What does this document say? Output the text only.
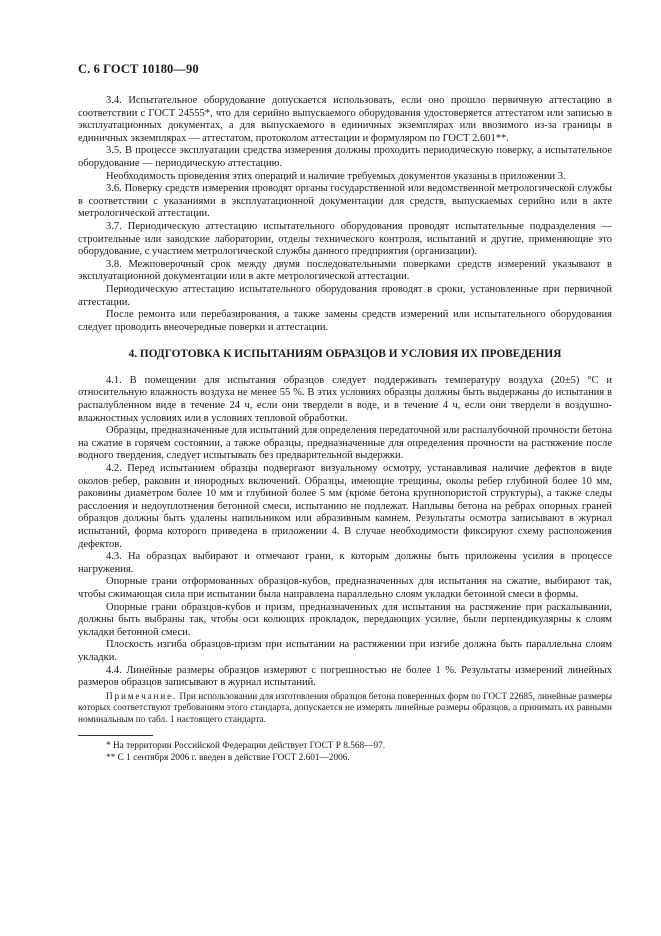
С. 6 ГОСТ 10180—90

3.4. Испытательное оборудование допускается использовать, если оно прошло первичную аттестацию в соответствии с ГОСТ 24555*, что для серийно выпускаемого оборудования удостоверяется аттестатом или записью в эксплуатационных документах, а для выпускаемого в единичных экземплярах или ввозимого из-за границы в единичных экземплярах — аттестатом, протоколом аттестации и формуляром по ГОСТ 2.601**.

3.5. В процессе эксплуатации средства измерения должны проходить периодическую поверку, а испытательное оборудование — периодическую аттестацию.

Необходимость проведения этих операций и наличие требуемых документов указаны в приложении 3.

3.6. Поверку средств измерения проводят органы государственной или ведомственной метрологической службы в соответствии с указаниями в эксплуатационной документации для средств, выпускаемых серийно или в акте метрологической аттестации.

3.7. Периодическую аттестацию испытательного оборудования проводят испытательные подразделения — строительные или заводские лаборатории, отделы технического контроля, испытаний и другие, применяющие это оборудование, с участием метрологической службы данного предприятия (организации).

3.8. Межповерочный срок между двумя последовательными поверками средств измерений указывают в эксплуатационной документации или в акте метрологической аттестации.

Периодическую аттестацию испытательного оборудования проводят в сроки, установленные при первичной аттестации.

После ремонта или перебазирования, а также замены средств измерений или испытательного оборудования следует проводить внеочередные поверки и аттестации.

4. ПОДГОТОВКА К ИСПЫТАНИЯМ ОБРАЗЦОВ И УСЛОВИЯ ИХ ПРОВЕДЕНИЯ

4.1. В помещении для испытания образцов следует поддерживать температуру воздуха (20±5) °С и относительную влажность воздуха не менее 55 %. В этих условиях образцы должны быть выдержаны до испытания в распалубленном виде в течение 24 ч, если они твердели в воде, и в течение 4 ч, если они твердели в воздушно-влажностных условиях или в условиях тепловой обработки.

Образцы, предназначенные для испытаний для определения передаточной или распалубочной прочности бетона на сжатие в горячем состоянии, а также образцы, предназначенные для определения прочности на растяжение после водного твердения, следует испытывать без предварительной выдержки.

4.2. Перед испытанием образцы подвергают визуальному осмотру, устанавливая наличие дефектов в виде околов ребер, раковин и инородных включений. Образцы, имеющие трещины, околы ребер глубиной более 10 мм, раковины диаметром более 10 мм и глубиной более 5 мм (кроме бетона крупнопористой структуры), а также следы расслоения и недоуплотнения бетонной смеси, испытанию не подлежат. Наплывы бетона на ребрах опорных граней образцов должны быть удалены напильником или абразивным камнем. Результаты осмотра записывают в журнал испытаний, форма которого приведена в приложении 4. В случае необходимости фиксируют схему расположения дефектов.

4.3. На образцах выбирают и отмечают грани, к которым должны быть приложены усилия в процессе нагружения.

Опорные грани отформованных образцов-кубов, предназначенных для испытания на сжатие, выбирают так, чтобы сжимающая сила при испытании была направлена параллельно слоям укладки бетонной смеси в формы.

Опорные грани образцов-кубов и призм, предназначенных для испытания на растяжение при раскалывании, должны быть выбраны так, чтобы оси колющих прокладок, передающих усилие, были перпендикулярны к слоям укладки бетонной смеси.

Плоскость изгиба образцов-призм при испытании на растяжении при изгибе должна быть параллельна слоям укладки.

4.4. Линейные размеры образцов измеряют с погрешностью не более 1 %. Результаты измерений линейных размеров образцов записывают в журнал испытаний.

Примечание. При использовании для изготовления образцов бетона поверенных форм по ГОСТ 22685, линейные размеры которых соответствуют требованиям этого стандарта, допускается не измерять линейные размеры образцов, а принимать их равными номинальным по табл. 1 настоящего стандарта.

* На территории Российской Федерации действует ГОСТ Р 8.568—97.

** С 1 сентября 2006 г. введен в действие ГОСТ 2.601—2006.
